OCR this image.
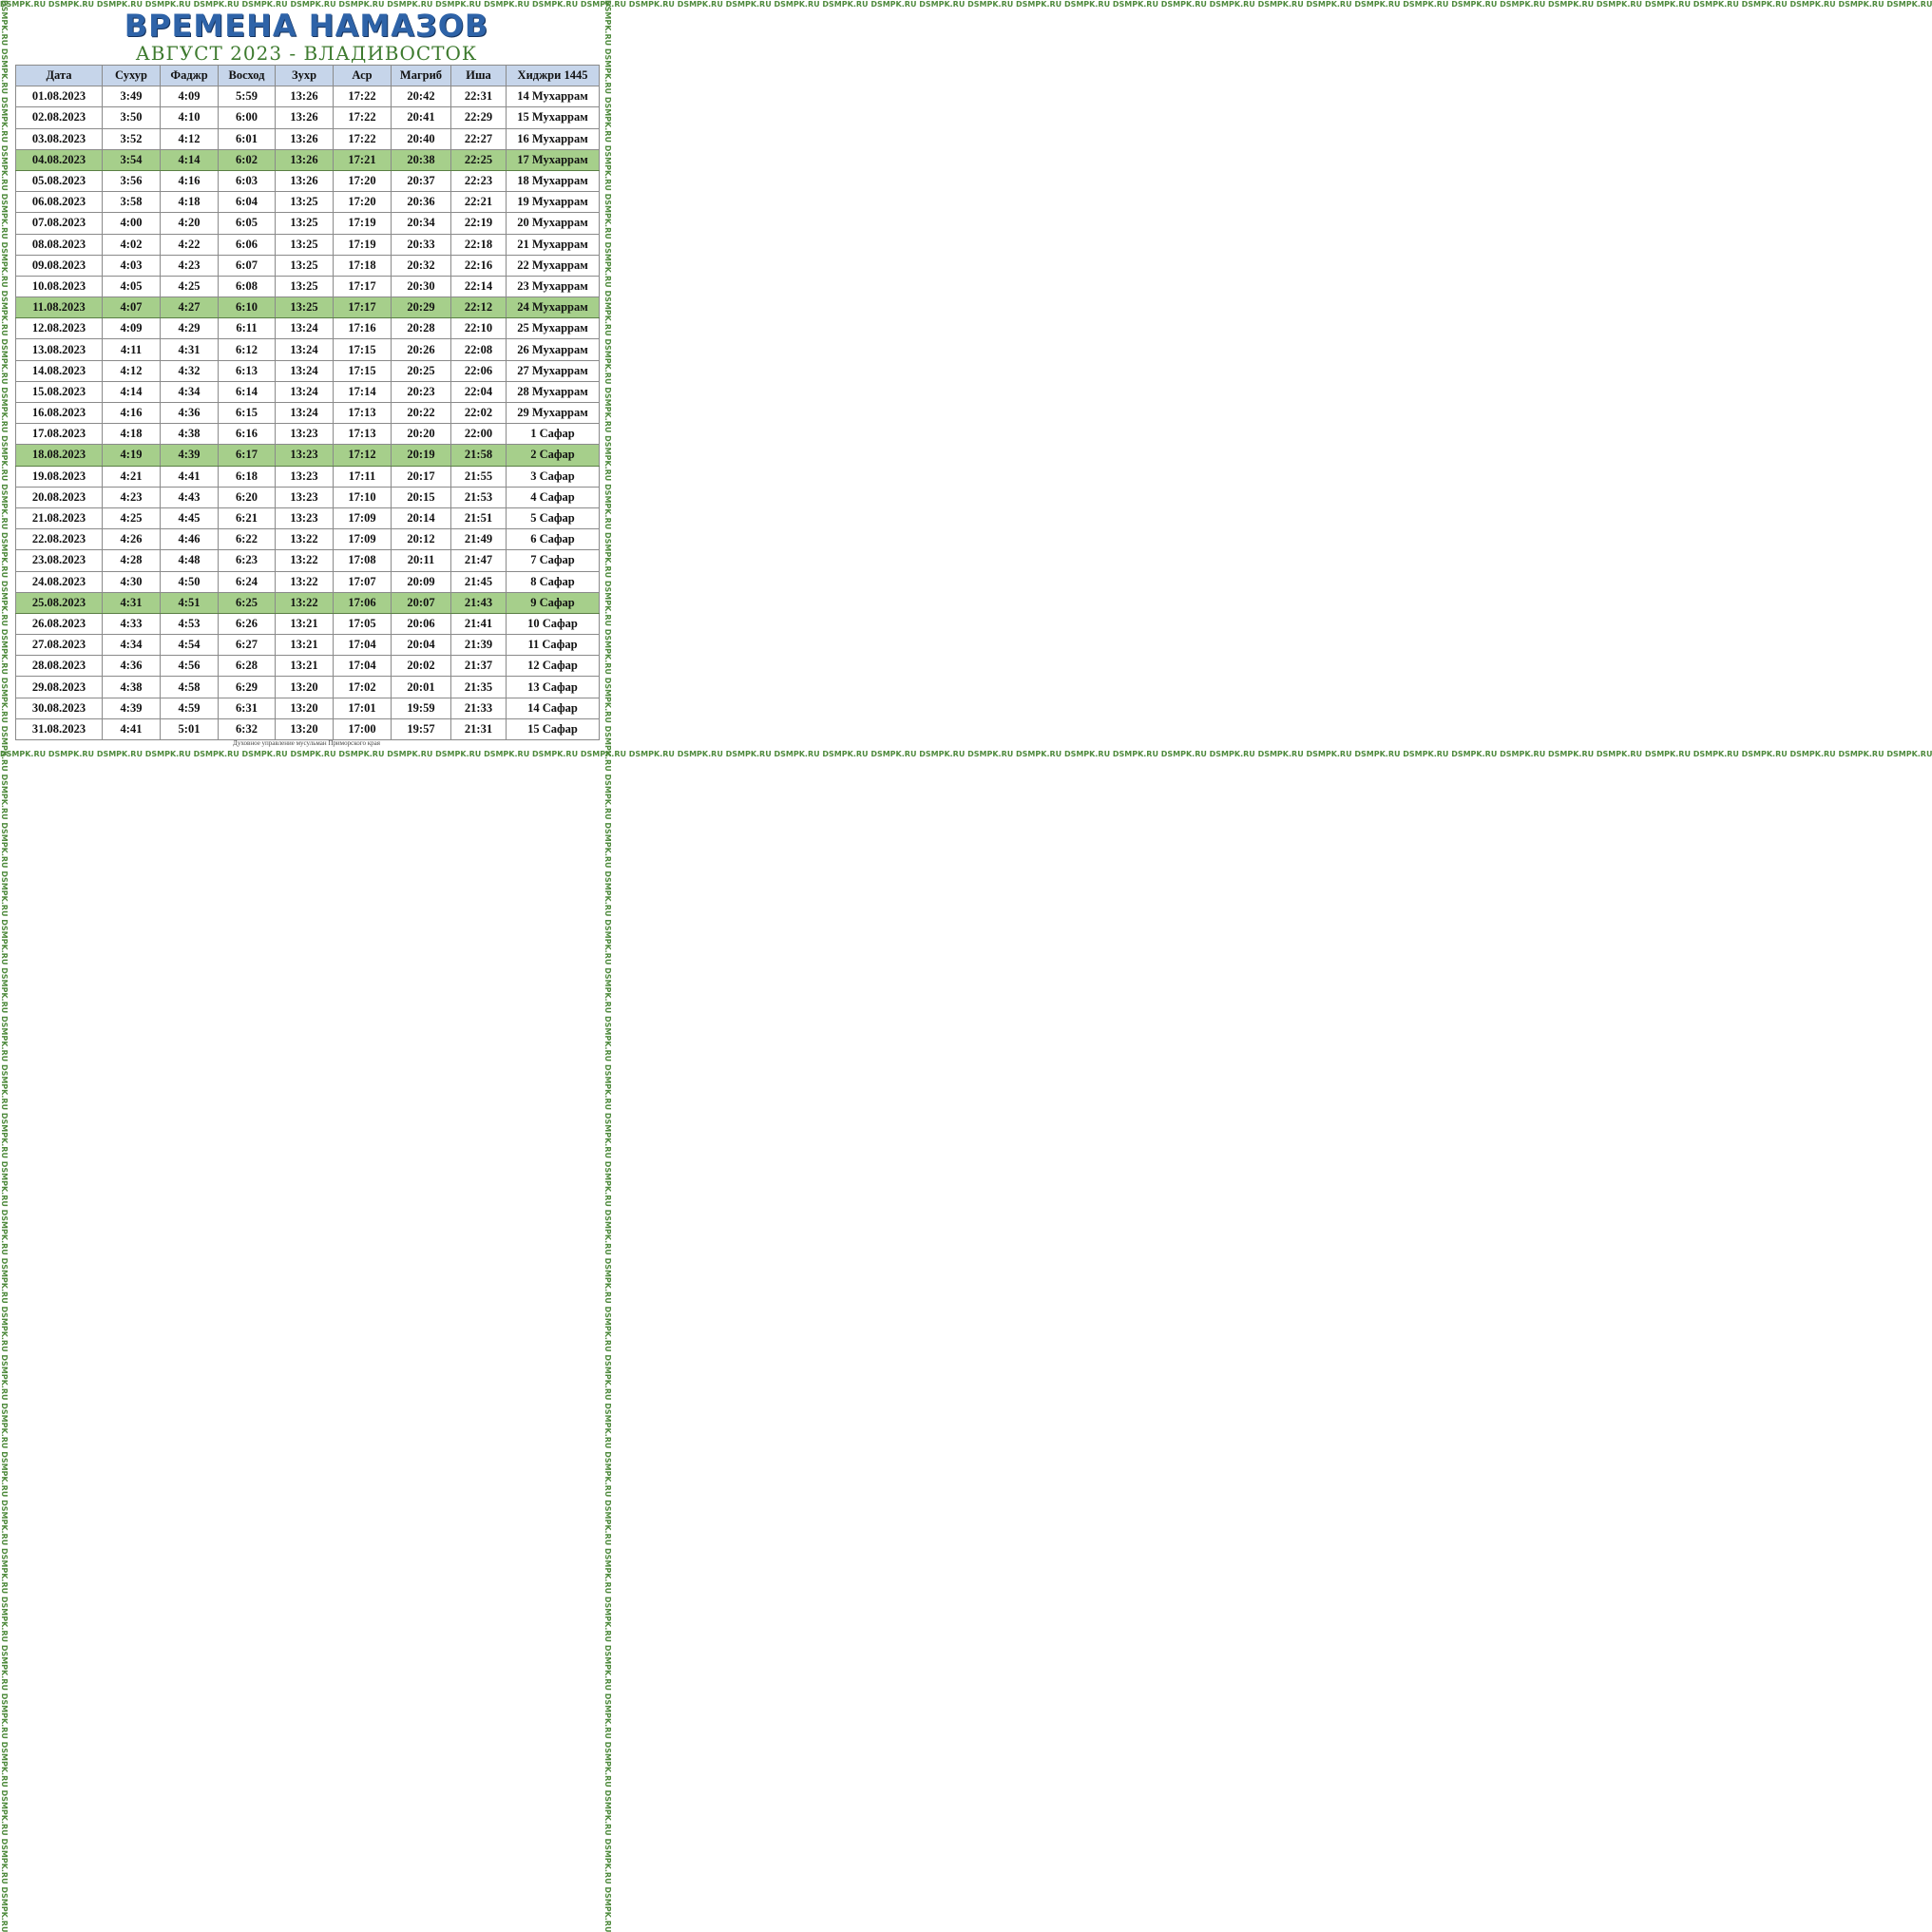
DSMPK.RU DSMPK.RU DSMPK.RU DSMPK.RU DSMPK.RU DSMPK.RU DSMPK.RU DSMPK.RU DSMPK.RU DSMPK.RU DSMPK.RU DSMPK.RU DSMPK.RU DSMPK.RU DSMPK.RU DSMPK.RU DSMPK.RU DSMPK.RU DSMPK.RU DSMPK.RU DSMPK.RU DSMPK.RU DSMPK.RU DSMPK.RU DSMPK.RU DSMPK.RU DSMPK.RU DSMPK.RU DSMPK.RU DSMPK.RU DSMPK.RU DSMPK.RU DSMPK.RU DSMPK.RU DSMPK.RU DSMPK.RU DSMPK.RU DSMPK.RU DSMPK.RU DSMPK.RU
DSMPK.RU DSMPK.RU DSMPK.RU DSMPK.RU DSMPK.RU DSMPK.RU DSMPK.RU DSMPK.RU DSMPK.RU DSMPK.RU DSMPK.RU DSMPK.RU DSMPK.RU DSMPK.RU DSMPK.RU DSMPK.RU DSMPK.RU DSMPK.RU DSMPK.RU DSMPK.RU DSMPK.RU DSMPK.RU DSMPK.RU DSMPK.RU DSMPK.RU DSMPK.RU DSMPK.RU DSMPK.RU DSMPK.RU DSMPK.RU DSMPK.RU DSMPK.RU DSMPK.RU DSMPK.RU DSMPK.RU DSMPK.RU DSMPK.RU DSMPK.RU DSMPK.RU DSMPK.RU
DSMPK.RU DSMPK.RU DSMPK.RU DSMPK.RU DSMPK.RU DSMPK.RU DSMPK.RU DSMPK.RU DSMPK.RU DSMPK.RU DSMPK.RU DSMPK.RU DSMPK.RU DSMPK.RU DSMPK.RU DSMPK.RU DSMPK.RU DSMPK.RU DSMPK.RU DSMPK.RU DSMPK.RU DSMPK.RU DSMPK.RU DSMPK.RU DSMPK.RU DSMPK.RU DSMPK.RU DSMPK.RU DSMPK.RU DSMPK.RU DSMPK.RU DSMPK.RU DSMPK.RU DSMPK.RU DSMPK.RU DSMPK.RU DSMPK.RU DSMPK.RU DSMPK.RU DSMPK.RU	DSMPK.RU DSMPK.RU DSMPK.RU DSMPK.RU DSMPK.RU DSMPK.RU DSMPK.RU DSMPK.RU DSMPK.RU DSMPK.RU DSMPK.RU DSMPK.RU DSMPK.RU DSMPK.RU DSMPK.RU DSMPK.RU DSMPK.RU DSMPK.RU DSMPK.RU DSMPK.RU DSMPK.RU DSMPK.RU DSMPK.RU DSMPK.RU DSMPK.RU DSMPK.RU DSMPK.RU DSMPK.RU DSMPK.RU DSMPK.RU DSMPK.RU DSMPK.RU DSMPK.RU DSMPK.RU DSMPK.RU DSMPK.RU DSMPK.RU DSMPK.RU DSMPK.RU DSMPK.RU
ВРЕМЕНА НАМАЗОВ
АВГУСТ 2023 - ВЛАДИВОСТОК
Дата	Сухур	Фаджр	Восход	Зухр	Аср	Магриб	Иша	Хиджри 1445
01.08.2023	3:49	4:09	5:59	13:26	17:22	20:42	22:31	14 Мухаррам
02.08.2023	3:50	4:10	6:00	13:26	17:22	20:41	22:29	15 Мухаррам
03.08.2023	3:52	4:12	6:01	13:26	17:22	20:40	22:27	16 Мухаррам
04.08.2023	3:54	4:14	6:02	13:26	17:21	20:38	22:25	17 Мухаррам
05.08.2023	3:56	4:16	6:03	13:26	17:20	20:37	22:23	18 Мухаррам
06.08.2023	3:58	4:18	6:04	13:25	17:20	20:36	22:21	19 Мухаррам
07.08.2023	4:00	4:20	6:05	13:25	17:19	20:34	22:19	20 Мухаррам
08.08.2023	4:02	4:22	6:06	13:25	17:19	20:33	22:18	21 Мухаррам
09.08.2023	4:03	4:23	6:07	13:25	17:18	20:32	22:16	22 Мухаррам
10.08.2023	4:05	4:25	6:08	13:25	17:17	20:30	22:14	23 Мухаррам
11.08.2023	4:07	4:27	6:10	13:25	17:17	20:29	22:12	24 Мухаррам
12.08.2023	4:09	4:29	6:11	13:24	17:16	20:28	22:10	25 Мухаррам
13.08.2023	4:11	4:31	6:12	13:24	17:15	20:26	22:08	26 Мухаррам
14.08.2023	4:12	4:32	6:13	13:24	17:15	20:25	22:06	27 Мухаррам
15.08.2023	4:14	4:34	6:14	13:24	17:14	20:23	22:04	28 Мухаррам
16.08.2023	4:16	4:36	6:15	13:24	17:13	20:22	22:02	29 Мухаррам
17.08.2023	4:18	4:38	6:16	13:23	17:13	20:20	22:00	1 Сафар
18.08.2023	4:19	4:39	6:17	13:23	17:12	20:19	21:58	2 Сафар
19.08.2023	4:21	4:41	6:18	13:23	17:11	20:17	21:55	3 Сафар
20.08.2023	4:23	4:43	6:20	13:23	17:10	20:15	21:53	4 Сафар
21.08.2023	4:25	4:45	6:21	13:23	17:09	20:14	21:51	5 Сафар
22.08.2023	4:26	4:46	6:22	13:22	17:09	20:12	21:49	6 Сафар
23.08.2023	4:28	4:48	6:23	13:22	17:08	20:11	21:47	7 Сафар
24.08.2023	4:30	4:50	6:24	13:22	17:07	20:09	21:45	8 Сафар
25.08.2023	4:31	4:51	6:25	13:22	17:06	20:07	21:43	9 Сафар
26.08.2023	4:33	4:53	6:26	13:21	17:05	20:06	21:41	10 Сафар
27.08.2023	4:34	4:54	6:27	13:21	17:04	20:04	21:39	11 Сафар
28.08.2023	4:36	4:56	6:28	13:21	17:04	20:02	21:37	12 Сафар
29.08.2023	4:38	4:58	6:29	13:20	17:02	20:01	21:35	13 Сафар
30.08.2023	4:39	4:59	6:31	13:20	17:01	19:59	21:33	14 Сафар
31.08.2023	4:41	5:01	6:32	13:20	17:00	19:57	21:31	15 Сафар
Духовное управление мусульман Приморского края
